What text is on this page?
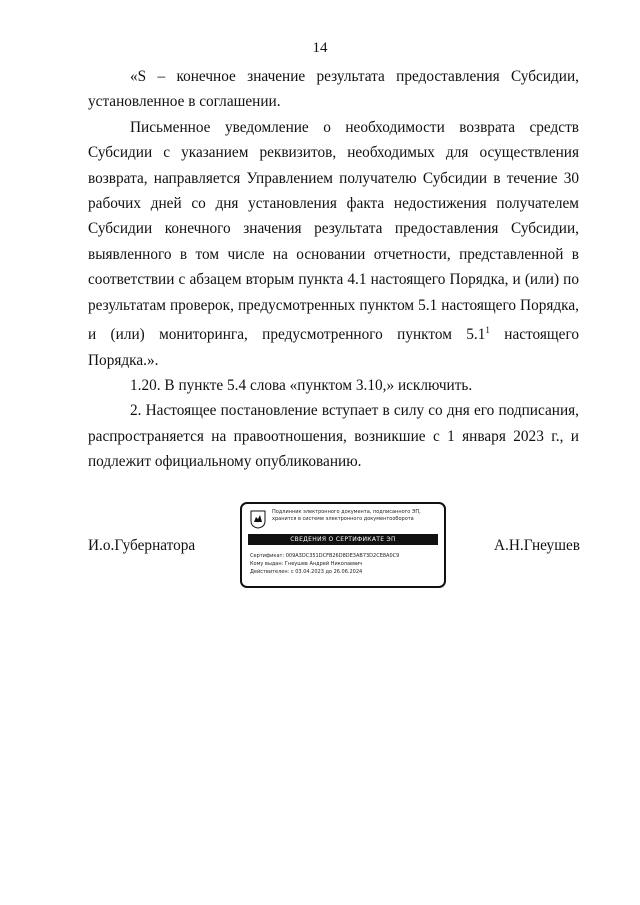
14

«S – конечное значение результата предоставления Субсидии, установленное в соглашении.

Письменное уведомление о необходимости возврата средств Субсидии с указанием реквизитов, необходимых для осуществления возврата, направляется Управлением получателю Субсидии в течение 30 рабочих дней со дня установления факта недостижения получателем Субсидии конечного значения результата предоставления Субсидии, выявленного в том числе на основании отчетности, представленной в соответствии с абзацем вторым пункта 4.1 настоящего Порядка, и (или) по результатам проверок, предусмотренных пунктом 5.1 настоящего Порядка, и (или) мониторинга, предусмотренного пунктом $5.1^1$ настоящего Порядка.».

1.20. В пункте 5.4 слова «пунктом 3.10,» исключить.

2. Настоящее постановление вступает в силу со дня его подписания, распространяется на правоотношения, возникшие с 1 января 2023 г., и подлежит официальному опубликованию.

И.о.Губернатора
Подлинник электронного документа, подписанного ЭП,
хранится в системе электронного документооборота
СВЕДЕНИЯ О СЕРТИФИКАТЕ ЭП
Сертификат: 009A3DC351DCFB26D8DE3AB73D2CE8A0C9
Кому выдан: Гнеушев Андрей Николаевич
Действителен: с 03.04.2023 до 26.06.2024
А.Н.Гнеушев
